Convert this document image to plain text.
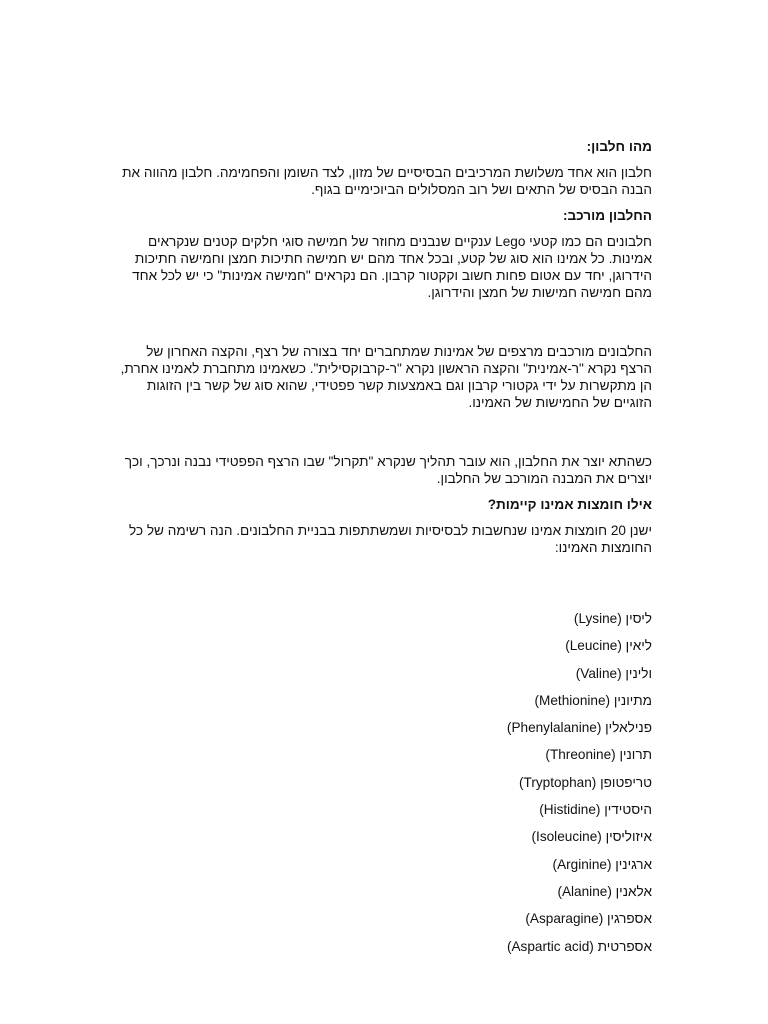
מהו חלבון:
חלבון הוא אחד משלושת המרכיבים הבסיסיים של מזון, לצד השומן והפחמימה. חלבון מהווה את הבנה הבסיס של התאים ושל רוב המסלולים הביוכימיים בגוף.
החלבון מורכב:
חלבונים הם כמו קטעי Lego ענקיים שנבנים מחוזר של חמישה סוגי חלקים קטנים שנקראים אמינות. כל אמינו הוא סוג של קטע, ובכל אחד מהם יש חמישה חתיכות חמצן וחמישה חתיכות הידרוגן, יחד עם אטום פחות חשוב וקקטור קרבון. הם נקראים "חמישה אמינות" כי יש לכל אחד מהם חמישה חמישות של חמצן והידרוגן.
החלבונים מורכבים מרצפים של אמינות שמתחברים יחד בצורה של רצף, והקצה האחרון של הרצף נקרא "ר-אמינית" והקצה הראשון נקרא "ר-קרבוקסילית". כשאמינו מתחברת לאמינו אחרת, הן מתקשרות על ידי גקטורי קרבון וגם באמצעות קשר פפטידי, שהוא סוג של קשר בין הזוגות הזוגיים של החמישות של האמינו.
כשהתא יוצר את החלבון, הוא עובר תהליך שנקרא "תקרול" שבו הרצף הפפטידי נבנה ונרכך, וכך יוצרים את המבנה המורכב של החלבון.
אילו חומצות אמינו קיימות?
ישנן 20 חומצות אמינו שנחשבות לבסיסיות ושמשתתפות בבניית החלבונים. הנה רשימה של כל החומצות האמינו:
ליסין (Lysine)
ליאין (Leucine)
ולינין (Valine)
מתיונין (Methionine)
פנילאלין (Phenylalanine)
תרונין (Threonine)
טריפטופן (Tryptophan)
היסטידין (Histidine)
איזוליסין (Isoleucine)
ארגינין (Arginine)
אלאנין (Alanine)
אספרגין (Asparagine)
אספרטית (Aspartic acid)
